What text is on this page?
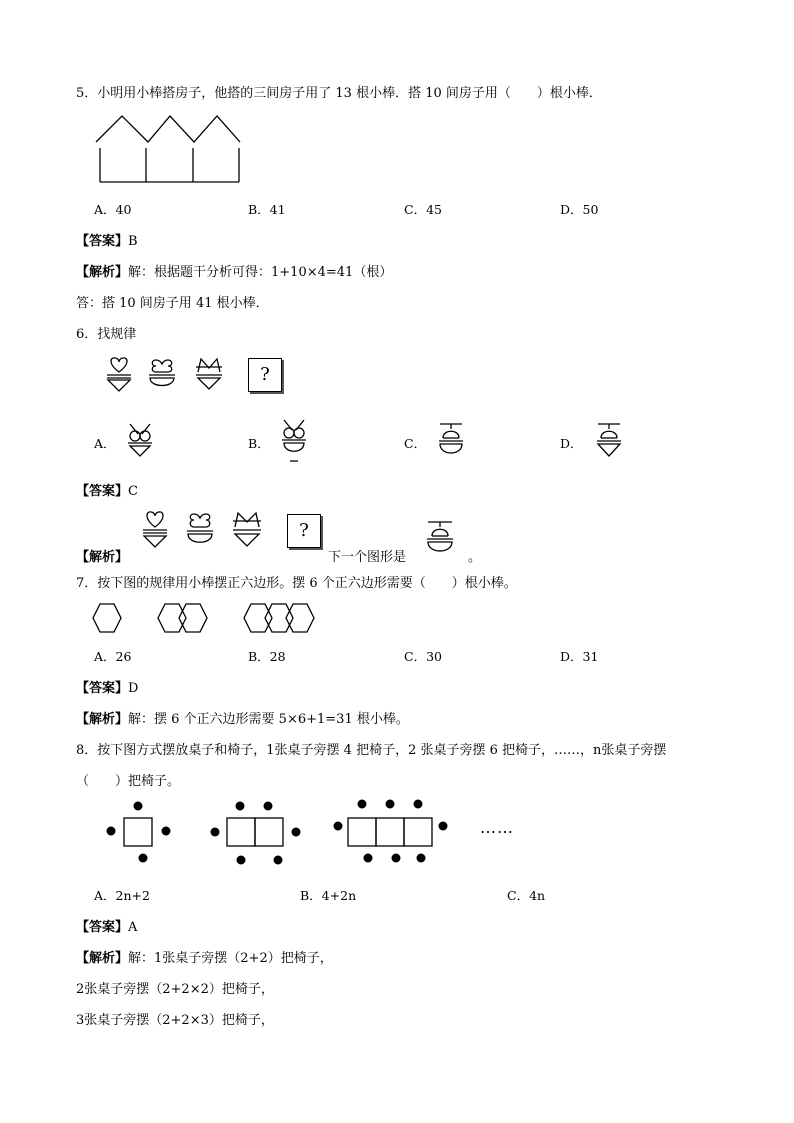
5．小明用小棒搭房子，他搭的三间房子用了 13 根小棒．搭 10 间房子用（　　）根小棒．
A．40	B．41	C．45	D．50
【答案】B
【解析】解：根据题干分析可得：1+10×4=41（根）
答：搭 10 间房子用 41 根小棒．
6．找规律
?
A．	B．	C．	D．
【答案】C
【解析】
?
下一个图形是	。
7．按下图的规律用小棒摆正六边形。摆 6 个正六边形需要（　　）根小棒。
A．26	B．28	C．30	D．31
【答案】D
【解析】解：摆 6 个正六边形需要 5×6+1=31 根小棒。
8．按下图方式摆放桌子和椅子，1张桌子旁摆 4 把椅子，2 张桌子旁摆 6 把椅子，……，n张桌子旁摆
（　　）把椅子。
……
A．2n+2	B．4+2n	C．4n
【答案】A
【解析】解：1张桌子旁摆（2+2）把椅子，
2张桌子旁摆（2+2×2）把椅子，
3张桌子旁摆（2+2×3）把椅子，
